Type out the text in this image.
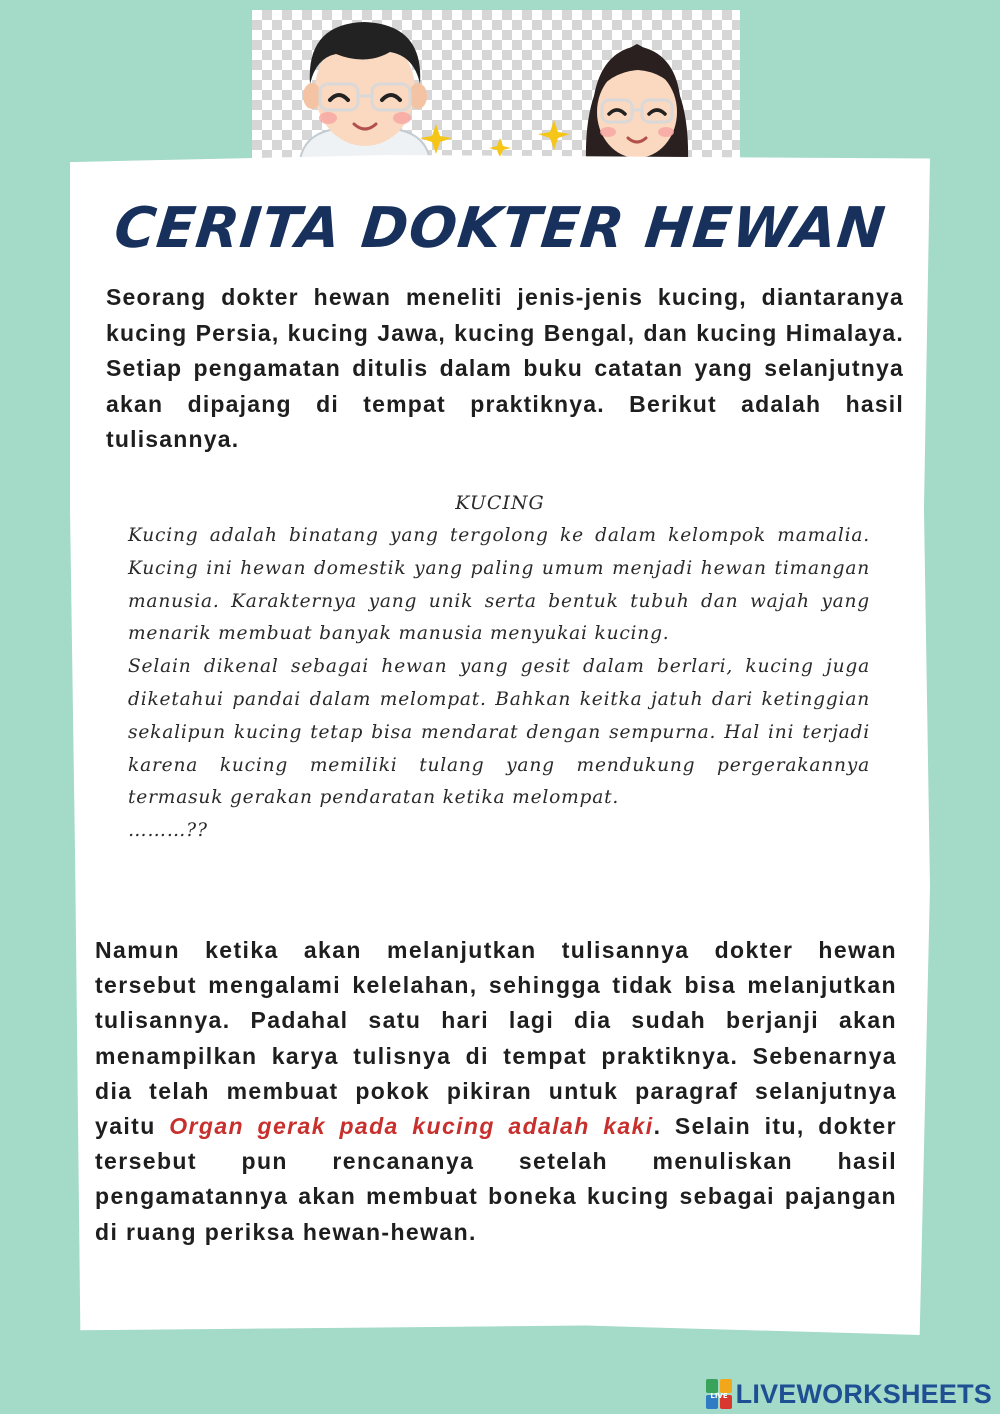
CERITA DOKTER HEWAN

Seorang dokter hewan meneliti jenis-jenis kucing, diantaranya kucing Persia, kucing Jawa, kucing Bengal, dan kucing Himalaya. Setiap pengamatan ditulis dalam buku catatan yang selanjutnya akan dipajang di tempat praktiknya. Berikut adalah hasil tulisannya.

KUCING

Kucing adalah binatang yang tergolong ke dalam kelompok mamalia. Kucing ini hewan domestik yang paling umum menjadi hewan timangan manusia. Karakternya yang unik serta bentuk tubuh dan wajah yang menarik membuat banyak manusia menyukai kucing.

Selain dikenal sebagai hewan yang gesit dalam berlari, kucing juga diketahui pandai dalam melompat. Bahkan keitka jatuh dari ketinggian sekalipun kucing tetap bisa mendarat dengan sempurna. Hal ini terjadi karena kucing memiliki tulang yang mendukung pergerakannya termasuk gerakan pendaratan ketika melompat.

………??

Namun ketika akan melanjutkan tulisannya dokter hewan tersebut mengalami kelelahan, sehingga tidak bisa melanjutkan tulisannya. Padahal satu hari lagi dia sudah berjanji akan menampilkan karya tulisnya di tempat praktiknya. Sebenarnya dia telah membuat pokok pikiran untuk paragraf selanjutnya yaitu Organ gerak pada kucing adalah kaki. Selain itu, dokter tersebut pun rencananya setelah menuliskan hasil pengamatannya akan membuat boneka kucing sebagai pajangan di ruang periksa hewan-hewan.

LIVE LIVEWORKSHEETS
